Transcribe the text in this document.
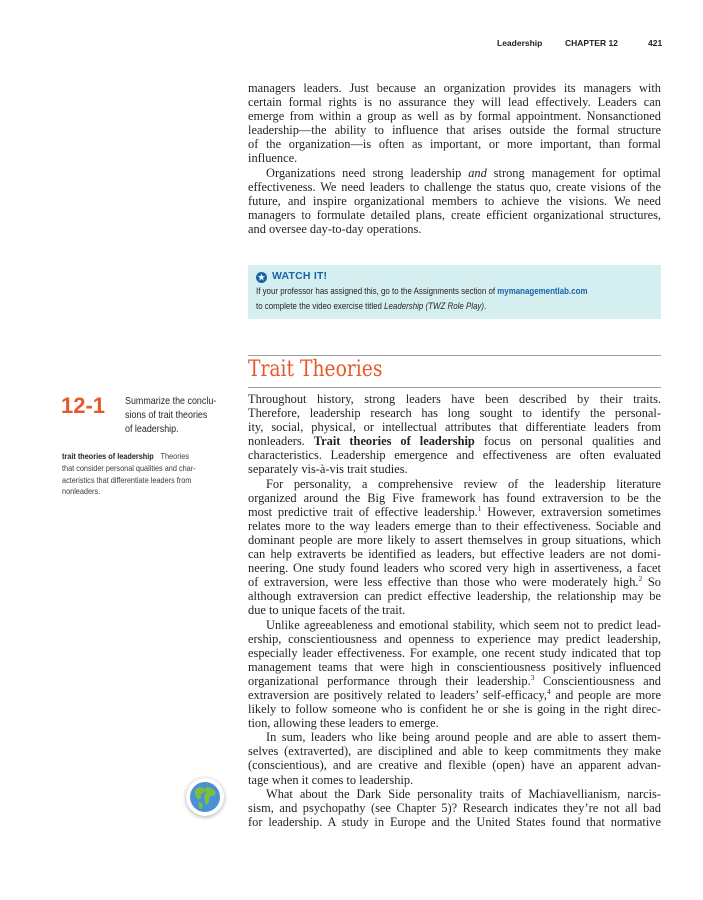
Leadership	CHAPTER 12	421
managers leaders. Just because an organization provides its managers with
certain formal rights is no assurance they will lead effectively. Leaders can
emerge from within a group as well as by formal appointment. Nonsanctioned
leadership—the ability to influence that arises outside the formal structure
of the organization—is often as important, or more important, than formal
influence.
Organizations need strong leadership and strong management for optimal
effectiveness. We need leaders to challenge the status quo, create visions of the
future, and inspire organizational members to achieve the visions. We need
managers to formulate detailed plans, create efficient organizational structures,
and oversee day-to-day operations.
★ WATCH IT!
If your professor has assigned this, go to the Assignments section of mymanagementlab.com
to complete the video exercise titled Leadership (TWZ Role Play).
Trait Theories
12-1 Summarize the conclu-
sions of trait theories
of leadership.
trait theories of leadership Theories
that consider personal qualities and char-
acteristics that differentiate leaders from
nonleaders.
Throughout history, strong leaders have been described by their traits.
Therefore, leadership research has long sought to identify the personal-
ity, social, physical, or intellectual attributes that differentiate leaders from
nonleaders. Trait theories of leadership focus on personal qualities and
characteristics. Leadership emergence and effectiveness are often evaluated
separately vis-à-vis trait studies.
For personality, a comprehensive review of the leadership literature
organized around the Big Five framework has found extraversion to be the
most predictive trait of effective leadership.$^1$ However, extraversion sometimes
relates more to the way leaders emerge than to their effectiveness. Sociable and
dominant people are more likely to assert themselves in group situations, which
can help extraverts be identified as leaders, but effective leaders are not domi-
neering. One study found leaders who scored very high in assertiveness, a facet
of extraversion, were less effective than those who were moderately high.$^2$ So
although extraversion can predict effective leadership, the relationship may be
due to unique facets of the trait.
Unlike agreeableness and emotional stability, which seem not to predict lead-
ership, conscientiousness and openness to experience may predict leadership,
especially leader effectiveness. For example, one recent study indicated that top
management teams that were high in conscientiousness positively influenced
organizational performance through their leadership.$^3$ Conscientiousness and
extraversion are positively related to leaders’ self-efficacy,$^4$ and people are more
likely to follow someone who is confident he or she is going in the right direc-
tion, allowing these leaders to emerge.
In sum, leaders who like being around people and are able to assert them-
selves (extraverted), are disciplined and able to keep commitments they make
(conscientious), and are creative and flexible (open) have an apparent advan-
tage when it comes to leadership.
What about the Dark Side personality traits of Machiavellianism, narcis-
sism, and psychopathy (see Chapter 5)? Research indicates they’re not all bad
for leadership. A study in Europe and the United States found that normative
